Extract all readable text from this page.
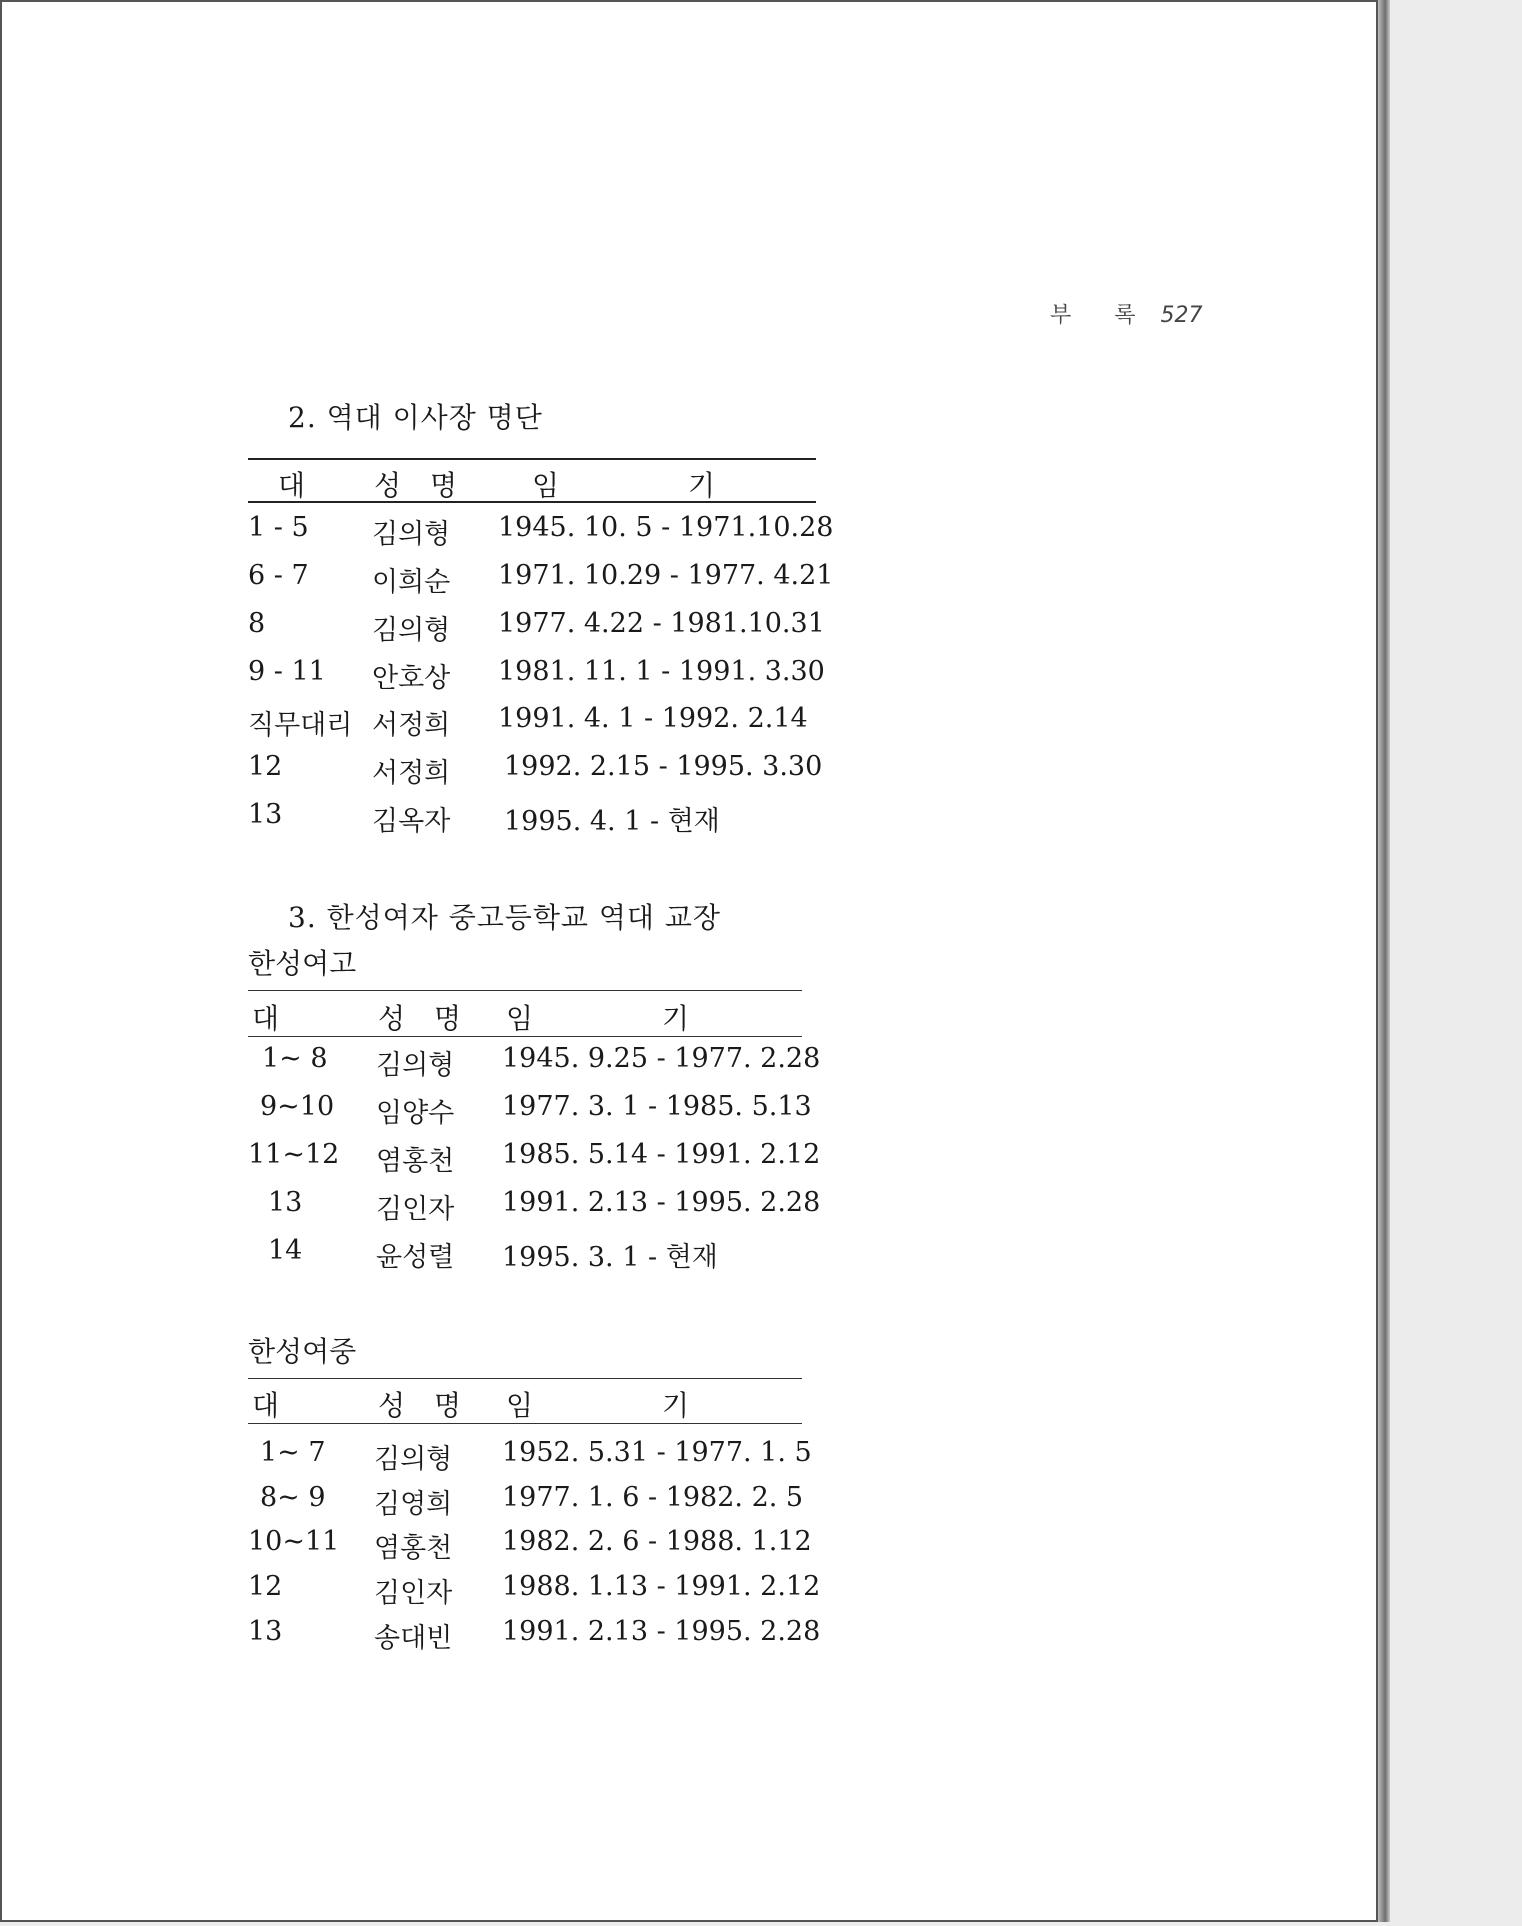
부 록 527
2. 역대 이사장 명단
대 성 명 임 기
1 - 5 김의형 1945. 10. 5 - 1971.10.28
6 - 7 이희순 1971. 10.29 - 1977. 4.21
8	김의형 1977. 4.22 - 1981.10.31
9 - 11 안호상 1981. 11. 1 - 1991. 3.30
직무대리 서정희 1991. 4. 1 - 1992. 2.14
12	서정희 1992. 2.15 - 1995. 3.30
13	김옥자 1995. 4. 1 - 현재
3. 한성여자 중고등학교 역대 교장
한성여고
대	성 명 임 기
1~ 8 김의형 1945. 9.25 - 1977. 2.28
9~10 임양수 1977. 3. 1 - 1985. 5.13
11~12 염홍천 1985. 5.14 - 1991. 2.12
13	김인자 1991. 2.13 - 1995. 2.28
14	윤성렬 1995. 3. 1 - 현재
한성여중
대	성 명 임 기
1~ 7 김의형 1952. 5.31 - 1977. 1. 5
8~ 9 김영희 1977. 1. 6 - 1982. 2. 5
10~11 염홍천 1982. 2. 6 - 1988. 1.12
12	김인자 1988. 1.13 - 1991. 2.12
13	송대빈 1991. 2.13 - 1995. 2.28
